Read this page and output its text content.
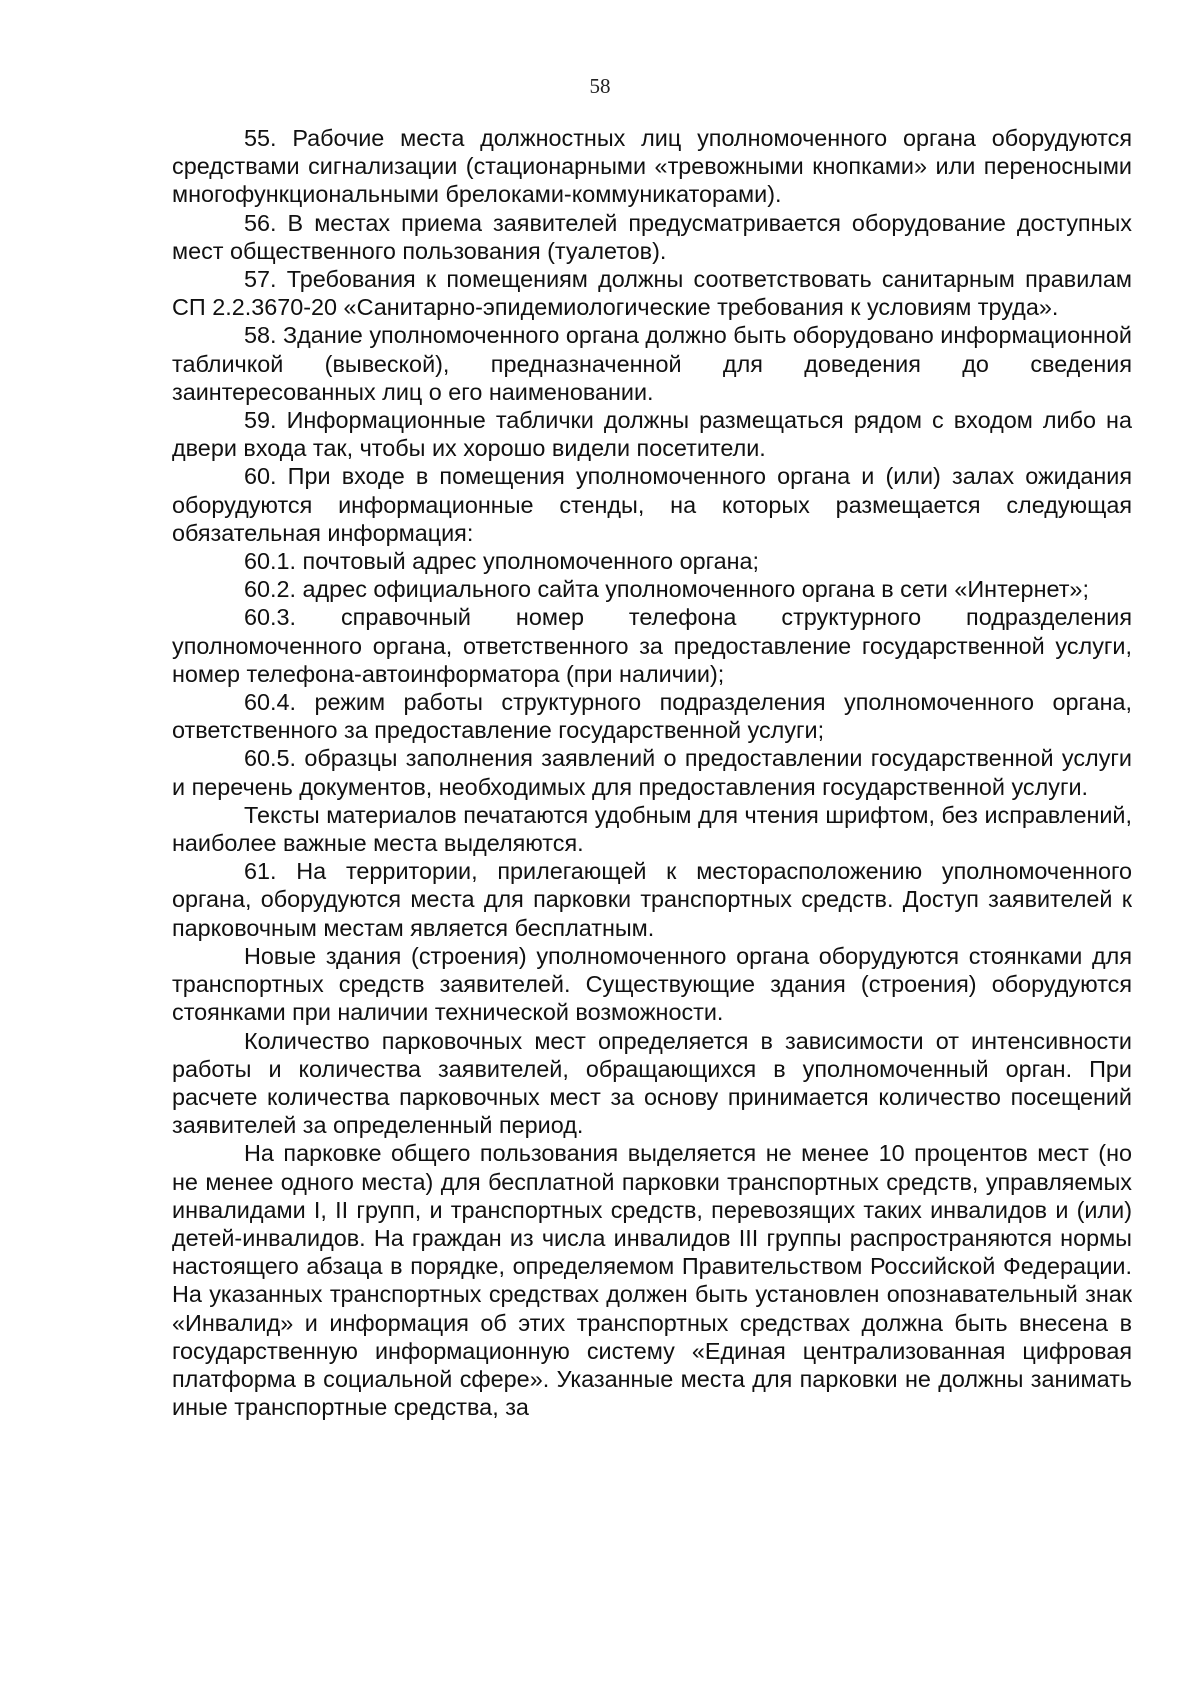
58

55. Рабочие места должностных лиц уполномоченного органа оборудуются средствами сигнализации (стационарными «тревожными кнопками» или переносными многофункциональными брелоками-коммуникаторами).

56. В местах приема заявителей предусматривается оборудование доступных мест общественного пользования (туалетов).

57. Требования к помещениям должны соответствовать санитарным правилам СП 2.2.3670-20 «Санитарно-эпидемиологические требования к условиям труда».

58. Здание уполномоченного органа должно быть оборудовано информационной табличкой (вывеской), предназначенной для доведения до сведения заинтересованных лиц о его наименовании.

59. Информационные таблички должны размещаться рядом с входом либо на двери входа так, чтобы их хорошо видели посетители.

60. При входе в помещения уполномоченного органа и (или) залах ожидания оборудуются информационные стенды, на которых размещается следующая обязательная информация:

60.1. почтовый адрес уполномоченного органа;

60.2. адрес официального сайта уполномоченного органа в сети «Интернет»;

60.3. справочный номер телефона структурного подразделения уполномоченного органа, ответственного за предоставление государственной услуги, номер телефона-автоинформатора (при наличии);

60.4. режим работы структурного подразделения уполномоченного органа, ответственного за предоставление государственной услуги;

60.5. образцы заполнения заявлений о предоставлении государственной услуги и перечень документов, необходимых для предоставления государственной услуги.

Тексты материалов печатаются удобным для чтения шрифтом, без исправлений, наиболее важные места выделяются.

61. На территории, прилегающей к месторасположению уполномоченного органа, оборудуются места для парковки транспортных средств. Доступ заявителей к парковочным местам является бесплатным.

Новые здания (строения) уполномоченного органа оборудуются стоянками для транспортных средств заявителей. Существующие здания (строения) оборудуются стоянками при наличии технической возможности.

Количество парковочных мест определяется в зависимости от интенсивности работы и количества заявителей, обращающихся в уполномоченный орган. При расчете количества парковочных мест за основу принимается количество посещений заявителей за определенный период.

На парковке общего пользования выделяется не менее 10 процентов мест (но не менее одного места) для бесплатной парковки транспортных средств, управляемых инвалидами I, II групп, и транспортных средств, перевозящих таких инвалидов и (или) детей-инвалидов. На граждан из числа инвалидов III группы распространяются нормы настоящего абзаца в порядке, определяемом Правительством Российской Федерации. На указанных транспортных средствах должен быть установлен опознавательный знак «Инвалид» и информация об этих транспортных средствах должна быть внесена в государственную информационную систему «Единая централизованная цифровая платформа в социальной сфере». Указанные места для парковки не должны занимать иные транспортные средства, за
